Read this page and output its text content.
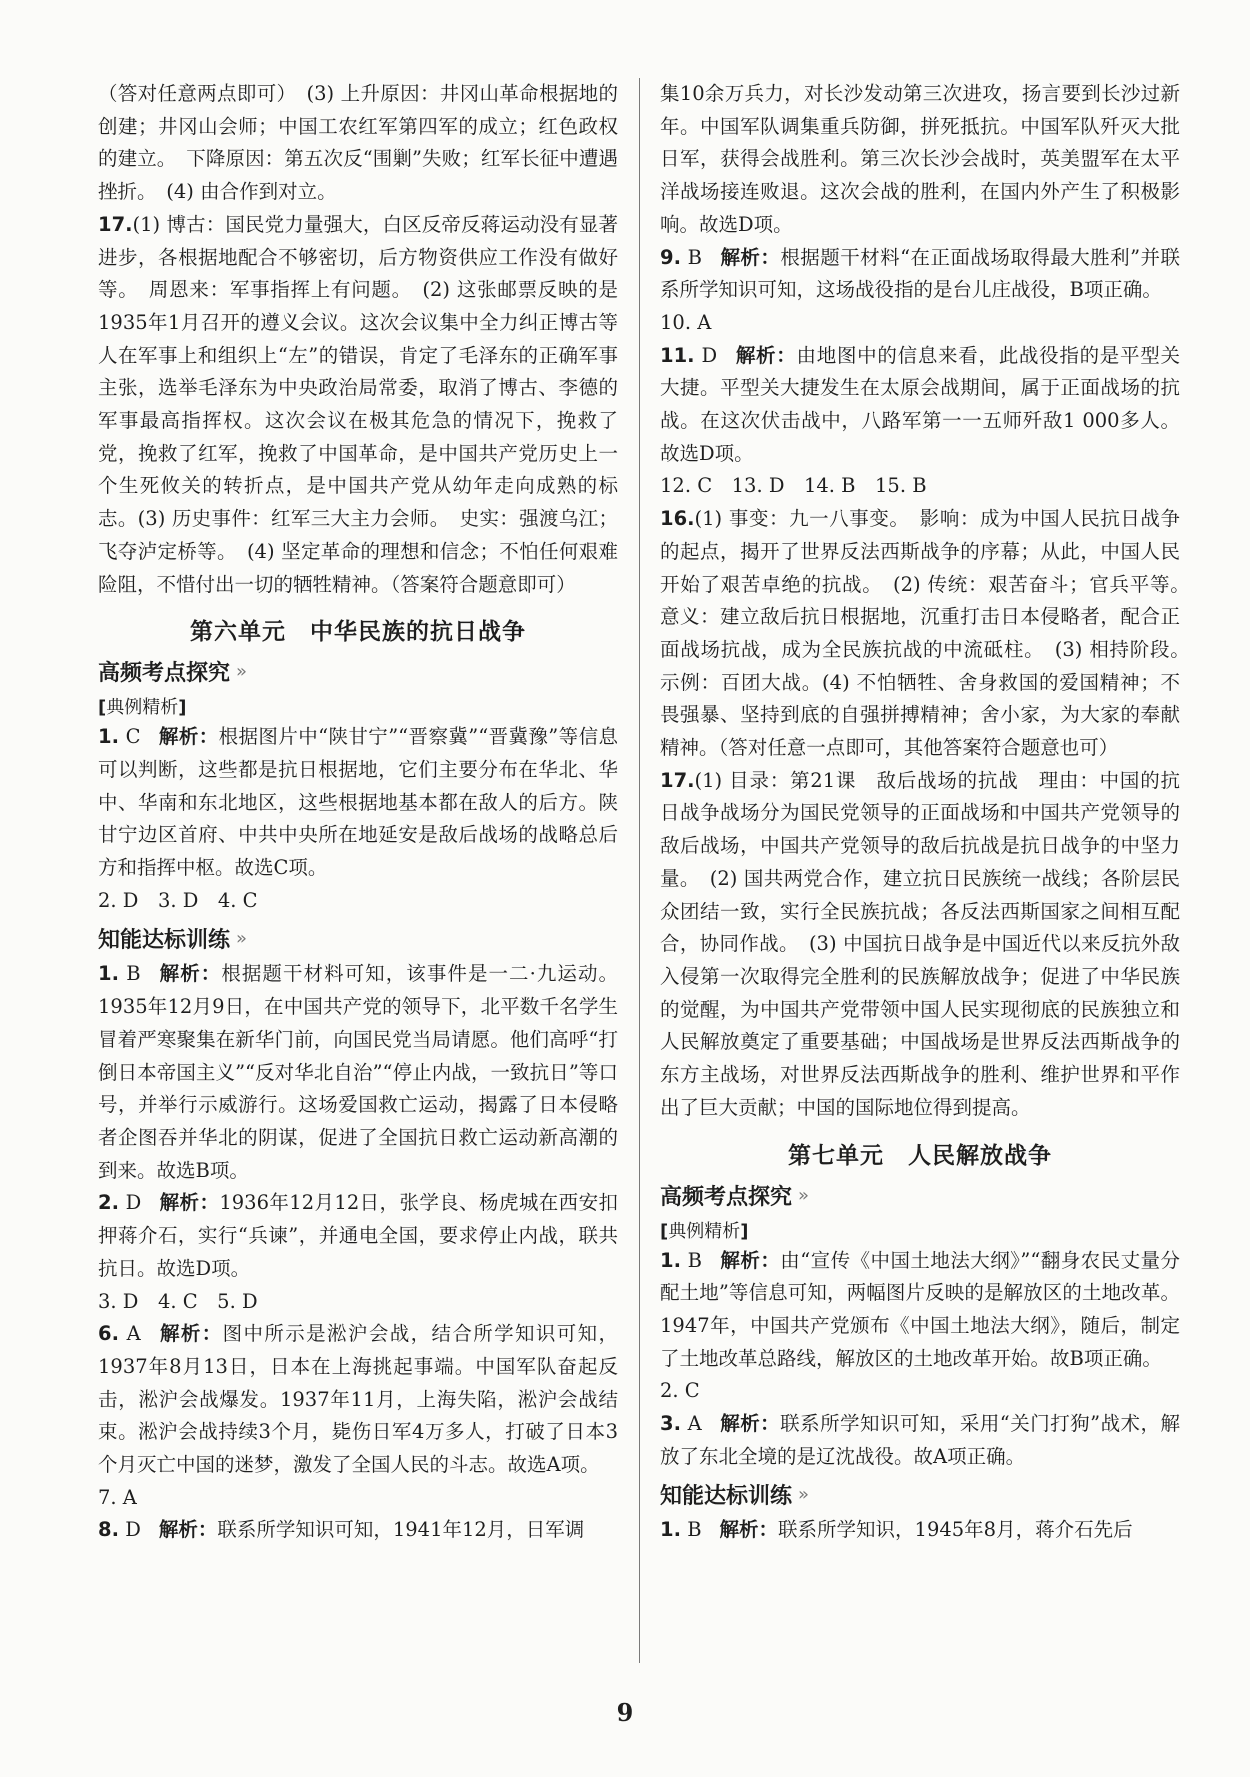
（答对任意两点即可）　(3) 上升原因：井冈山革命根据地的创建；井冈山会师；中国工农红军第四军的成立；红色政权的建立。　下降原因：第五次反“围剿”失败；红军长征中遭遇挫折。　(4) 由合作到对立。

17.(1) 博古：国民党力量强大，白区反帝反蒋运动没有显著进步，各根据地配合不够密切，后方物资供应工作没有做好等。　周恩来：军事指挥上有问题。　(2) 这张邮票反映的是1935年1月召开的遵义会议。这次会议集中全力纠正博古等人在军事上和组织上“左”的错误，肯定了毛泽东的正确军事主张，选举毛泽东为中央政治局常委，取消了博古、李德的军事最高指挥权。这次会议在极其危急的情况下，挽救了党，挽救了红军，挽救了中国革命，是中国共产党历史上一个生死攸关的转折点，是中国共产党从幼年走向成熟的标志。(3) 历史事件：红军三大主力会师。　史实：强渡乌江；飞夺泸定桥等。　(4) 坚定革命的理想和信念；不怕任何艰难险阻，不惜付出一切的牺牲精神。（答案符合题意即可）

第六单元　中华民族的抗日战争
高频考点探究 »
[典例精析]

1. C 解析：根据图片中“陕甘宁”“晋察冀”“晋冀豫”等信息可以判断，这些都是抗日根据地，它们主要分布在华北、华中、华南和东北地区，这些根据地基本都在敌人的后方。陕甘宁边区首府、中共中央所在地延安是敌后战场的战略总后方和指挥中枢。故选C项。

2. D　3. D　4. C

知能达标训练 »

1. B 解析：根据题干材料可知，该事件是一二·九运动。1935年12月9日，在中国共产党的领导下，北平数千名学生冒着严寒聚集在新华门前，向国民党当局请愿。他们高呼“打倒日本帝国主义”“反对华北自治”“停止内战，一致抗日”等口号，并举行示威游行。这场爱国救亡运动，揭露了日本侵略者企图吞并华北的阴谋，促进了全国抗日救亡运动新高潮的到来。故选B项。

2. D 解析：1936年12月12日，张学良、杨虎城在西安扣押蒋介石，实行“兵谏”，并通电全国，要求停止内战，联共抗日。故选D项。

3. D　4. C　5. D

6. A 解析：图中所示是淞沪会战，结合所学知识可知，1937年8月13日，日本在上海挑起事端。中国军队奋起反击，淞沪会战爆发。1937年11月，上海失陷，淞沪会战结束。淞沪会战持续3个月，毙伤日军4万多人，打破了日本3个月灭亡中国的迷梦，激发了全国人民的斗志。故选A项。

7. A

8. D 解析：联系所学知识可知，1941年12月，日军调

集10余万兵力，对长沙发动第三次进攻，扬言要到长沙过新年。中国军队调集重兵防御，拼死抵抗。中国军队歼灭大批日军，获得会战胜利。第三次长沙会战时，英美盟军在太平洋战场接连败退。这次会战的胜利，在国内外产生了积极影响。故选D项。

9. B 解析：根据题干材料“在正面战场取得最大胜利”并联系所学知识可知，这场战役指的是台儿庄战役，B项正确。

10. A

11. D 解析：由地图中的信息来看，此战役指的是平型关大捷。平型关大捷发生在太原会战期间，属于正面战场的抗战。在这次伏击战中，八路军第一一五师歼敌1 000多人。故选D项。

12. C　13. D　14. B　15. B

16.(1) 事变：九一八事变。　影响：成为中国人民抗日战争的起点，揭开了世界反法西斯战争的序幕；从此，中国人民开始了艰苦卓绝的抗战。　(2) 传统：艰苦奋斗；官兵平等。　意义：建立敌后抗日根据地，沉重打击日本侵略者，配合正面战场抗战，成为全民族抗战的中流砥柱。　(3) 相持阶段。　示例：百团大战。(4) 不怕牺牲、舍身救国的爱国精神；不畏强暴、坚持到底的自强拼搏精神；舍小家，为大家的奉献精神。（答对任意一点即可，其他答案符合题意也可）

17.(1) 目录：第21课　敌后战场的抗战　理由：中国的抗日战争战场分为国民党领导的正面战场和中国共产党领导的敌后战场，中国共产党领导的敌后抗战是抗日战争的中坚力量。　(2) 国共两党合作，建立抗日民族统一战线；各阶层民众团结一致，实行全民族抗战；各反法西斯国家之间相互配合，协同作战。　(3) 中国抗日战争是中国近代以来反抗外敌入侵第一次取得完全胜利的民族解放战争；促进了中华民族的觉醒，为中国共产党带领中国人民实现彻底的民族独立和人民解放奠定了重要基础；中国战场是世界反法西斯战争的东方主战场，对世界反法西斯战争的胜利、维护世界和平作出了巨大贡献；中国的国际地位得到提高。

第七单元　人民解放战争
高频考点探究 »
[典例精析]

1. B 解析：由“宣传《中国土地法大纲》”“翻身农民丈量分配土地”等信息可知，两幅图片反映的是解放区的土地改革。1947年，中国共产党颁布《中国土地法大纲》，随后，制定了土地改革总路线，解放区的土地改革开始。故B项正确。

2. C

3. A 解析：联系所学知识可知，采用“关门打狗”战术，解放了东北全境的是辽沈战役。故A项正确。

知能达标训练 »

1. B 解析：联系所学知识，1945年8月，蒋介石先后

9
